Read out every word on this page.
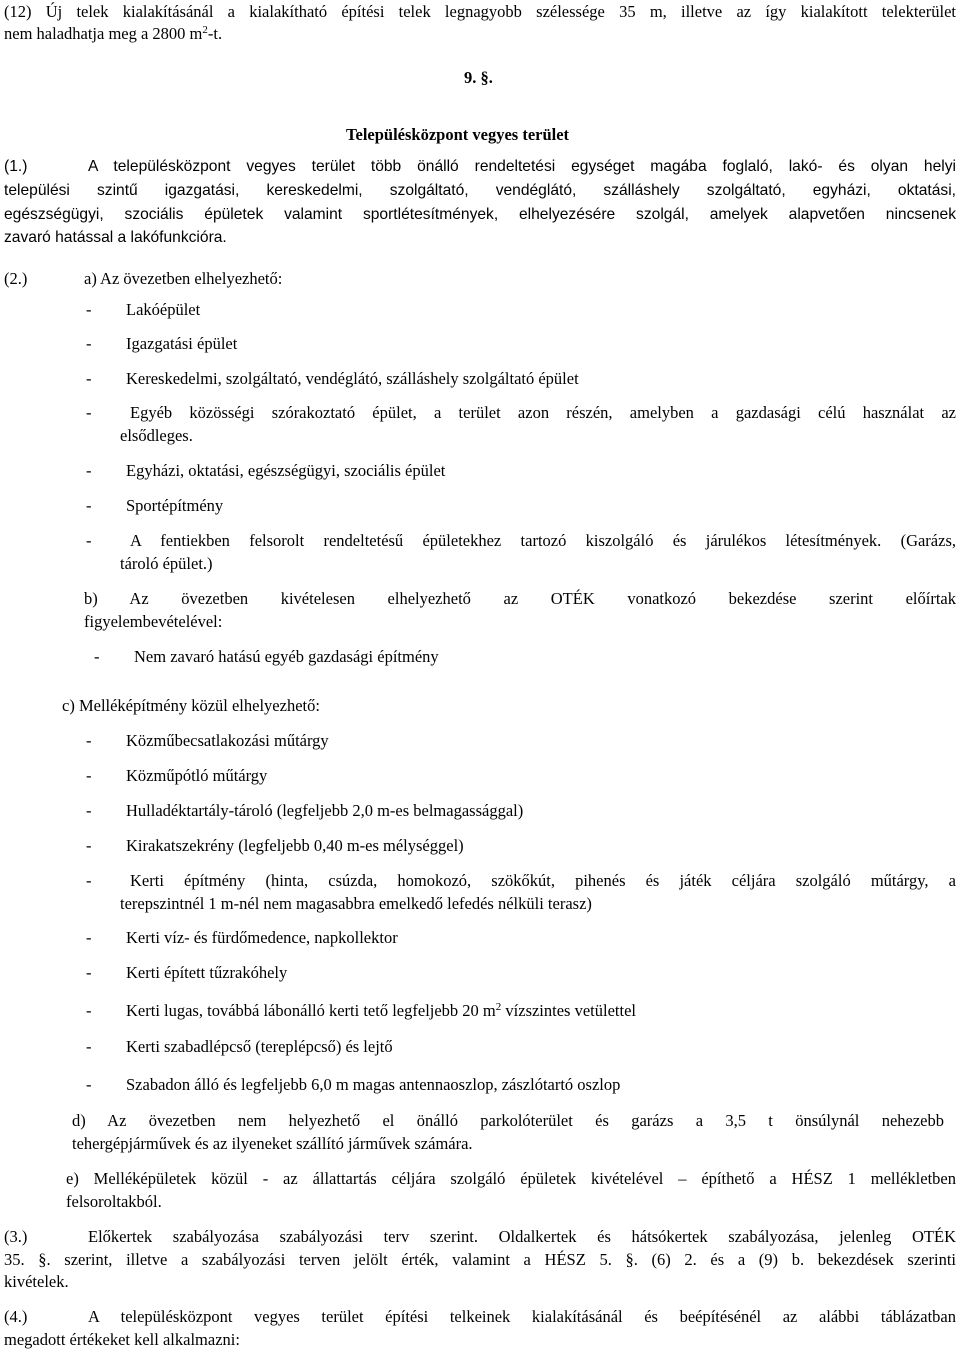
(12) Új telek kialakításánál a kialakítható építési telek legnagyobb szélessége 35 m, illetve az így kialakított telekterület
nem haladhatja meg a 2800 $m^2-t$.
9. §.
Településközpont vegyes terület
(1.)	A településközpont vegyes terület több önálló rendeltetési egységet magába foglaló, lakó- és olyan helyi
települési szintű igazgatási, kereskedelmi, szolgáltató, vendéglátó, szálláshely szolgáltató, egyházi, oktatási,
egészségügyi, szociális épületek valamint sportlétesítmények, elhelyezésére szolgál, amelyek alapvetően nincsenek
zavaró hatással a lakófunkcióra.
(2.)	a) Az övezetben elhelyezhető:
- Lakóépület
- Igazgatási épület
- Kereskedelmi, szolgáltató, vendéglátó, szálláshely szolgáltató épület
- Egyéb közösségi szórakoztató épület, a terület azon részén, amelyben a gazdasági célú használat az
elsődleges.
- Egyházi, oktatási, egészségügyi, szociális épület
- Sportépítmény
- A fentiekben felsorolt rendeltetésű épületekhez tartozó kiszolgáló és járulékos létesítmények. (Garázs,
tároló épület.)
b) Az övezetben kivételesen elhelyezhető az OTÉK vonatkozó bekezdése szerint előírtak
figyelembevételével:
- Nem zavaró hatású egyéb gazdasági építmény
c) Melléképítmény közül elhelyezhető:
- Közműbecsatlakozási műtárgy
- Közműpótló műtárgy
- Hulladéktartály-tároló (legfeljebb 2,0 m-es belmagassággal)
- Kirakatszekrény (legfeljebb 0,40 m-es mélységgel)
- Kerti építmény (hinta, csúzda, homokozó, szökőkút, pihenés és játék céljára szolgáló műtárgy, a
terepszintnél 1 m-nél nem magasabbra emelkedő lefedés nélküli terasz)
- Kerti víz- és fürdőmedence, napkollektor
- Kerti épített tűzrakóhely
- Kerti lugas, továbbá lábonálló kerti tető legfeljebb 20 $m^2$ vízszintes vetülettel
- Kerti szabadlépcső (tereplépcső) és lejtő
- Szabadon álló és legfeljebb 6,0 m magas antennaoszlop, zászlótartó oszlop
d) Az övezetben nem helyezhető el önálló parkolóterület és garázs a 3,5 t önsúlynál nehezebb
tehergépjárművek és az ilyeneket szállító járművek számára.
e) Melléképületek közül - az állattartás céljára szolgáló épületek kivételével – építhető a HÉSZ 1 mellékletben
felsoroltakból.
(3.)	Előkertek szabályozása szabályozási terv szerint. Oldalkertek és hátsókertek szabályozása, jelenleg OTÉK
35. §. szerint, illetve a szabályozási terven jelölt érték, valamint a HÉSZ 5. §. (6) 2. és a (9) b. bekezdések szerinti
kivételek.
(4.)	A településközpont vegyes terület építési telkeinek kialakításánál és beépítésénél az alábbi táblázatban
megadott értékeket kell alkalmazni:
